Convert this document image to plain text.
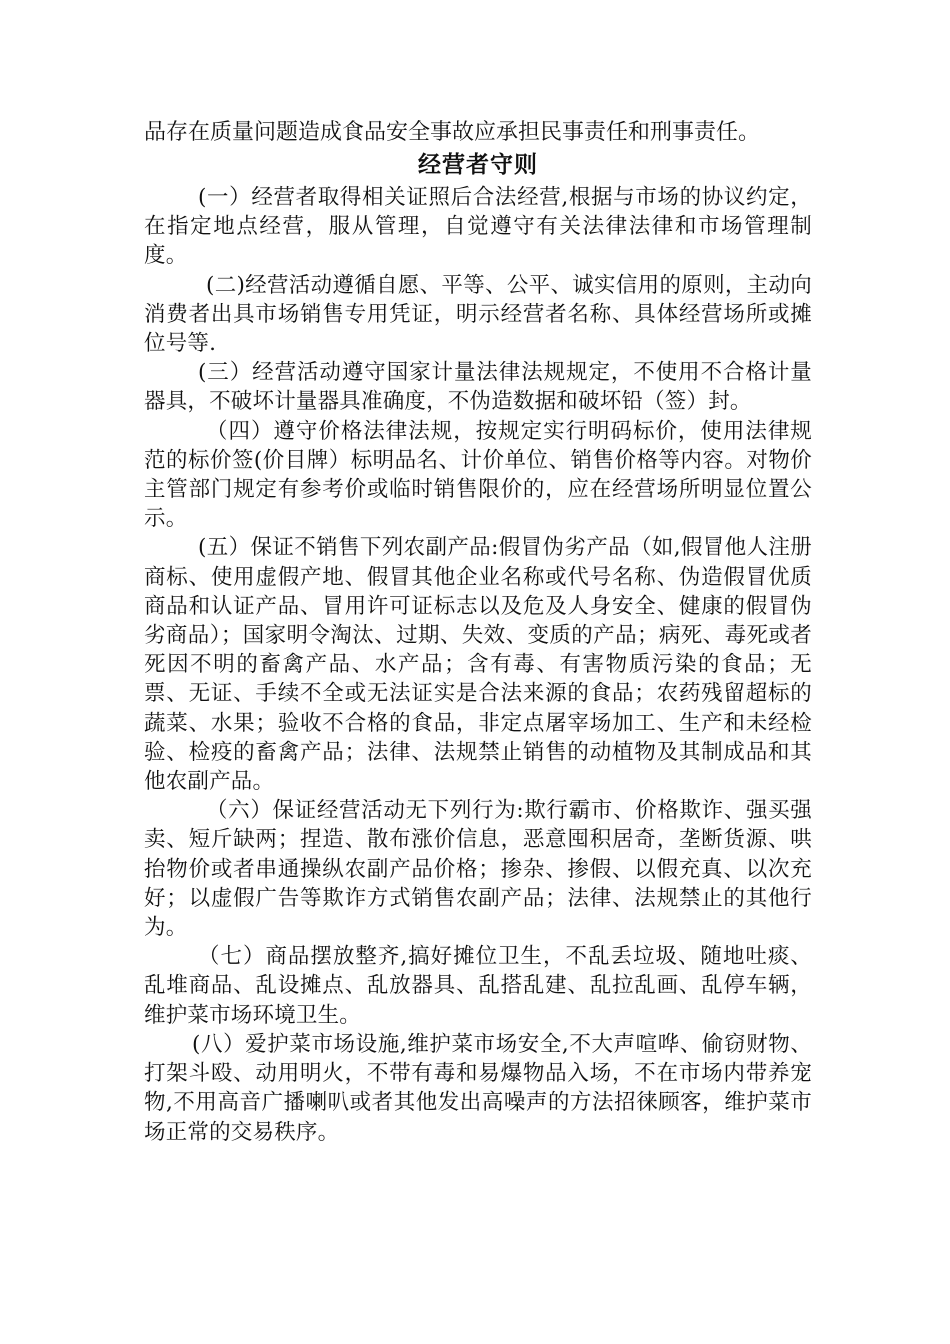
品存在质量问题造成食品安全事故应承担民事责任和刑事责任。

经营者守则

(一）经营者取得相关证照后合法经营,根据与市场的协议约定，在指定地点经营，服从管理，自觉遵守有关法律法律和市场管理制度。

(二)经营活动遵循自愿、平等、公平、诚实信用的原则，主动向消费者出具市场销售专用凭证，明示经营者名称、具体经营场所或摊位号等.

(三）经营活动遵守国家计量法律法规规定，不使用不合格计量器具，不破坏计量器具准确度，不伪造数据和破坏铅（签）封。

（四）遵守价格法律法规，按规定实行明码标价，使用法律规范的标价签(价目牌）标明品名、计价单位、销售价格等内容。对物价主管部门规定有参考价或临时销售限价的，应在经营场所明显位置公示。

(五）保证不销售下列农副产品:假冒伪劣产品（如,假冒他人注册商标、使用虚假产地、假冒其他企业名称或代号名称、伪造假冒优质商品和认证产品、冒用许可证标志以及危及人身安全、健康的假冒伪劣商品）；国家明令淘汰、过期、失效、变质的产品；病死、毒死或者死因不明的畜禽产品、水产品；含有毒、有害物质污染的食品；无票、无证、手续不全或无法证实是合法来源的食品；农药残留超标的蔬菜、水果；验收不合格的食品，非定点屠宰场加工、生产和未经检验、检疫的畜禽产品；法律、法规禁止销售的动植物及其制成品和其他农副产品。

（六）保证经营活动无下列行为:欺行霸市、价格欺诈、强买强卖、短斤缺两；捏造、散布涨价信息，恶意囤积居奇，垄断货源、哄抬物价或者串通操纵农副产品价格；掺杂、掺假、以假充真、以次充好；以虚假广告等欺诈方式销售农副产品；法律、法规禁止的其他行为。

（七）商品摆放整齐,搞好摊位卫生，不乱丢垃圾、随地吐痰、乱堆商品、乱设摊点、乱放器具、乱搭乱建、乱拉乱画、乱停车辆，维护菜市场环境卫生。

(八）爱护菜市场设施,维护菜市场安全,不大声喧哗、偷窃财物、打架斗殴、动用明火，不带有毒和易爆物品入场，不在市场内带养宠物,不用高音广播喇叭或者其他发出高噪声的方法招徕顾客，维护菜市场正常的交易秩序。
